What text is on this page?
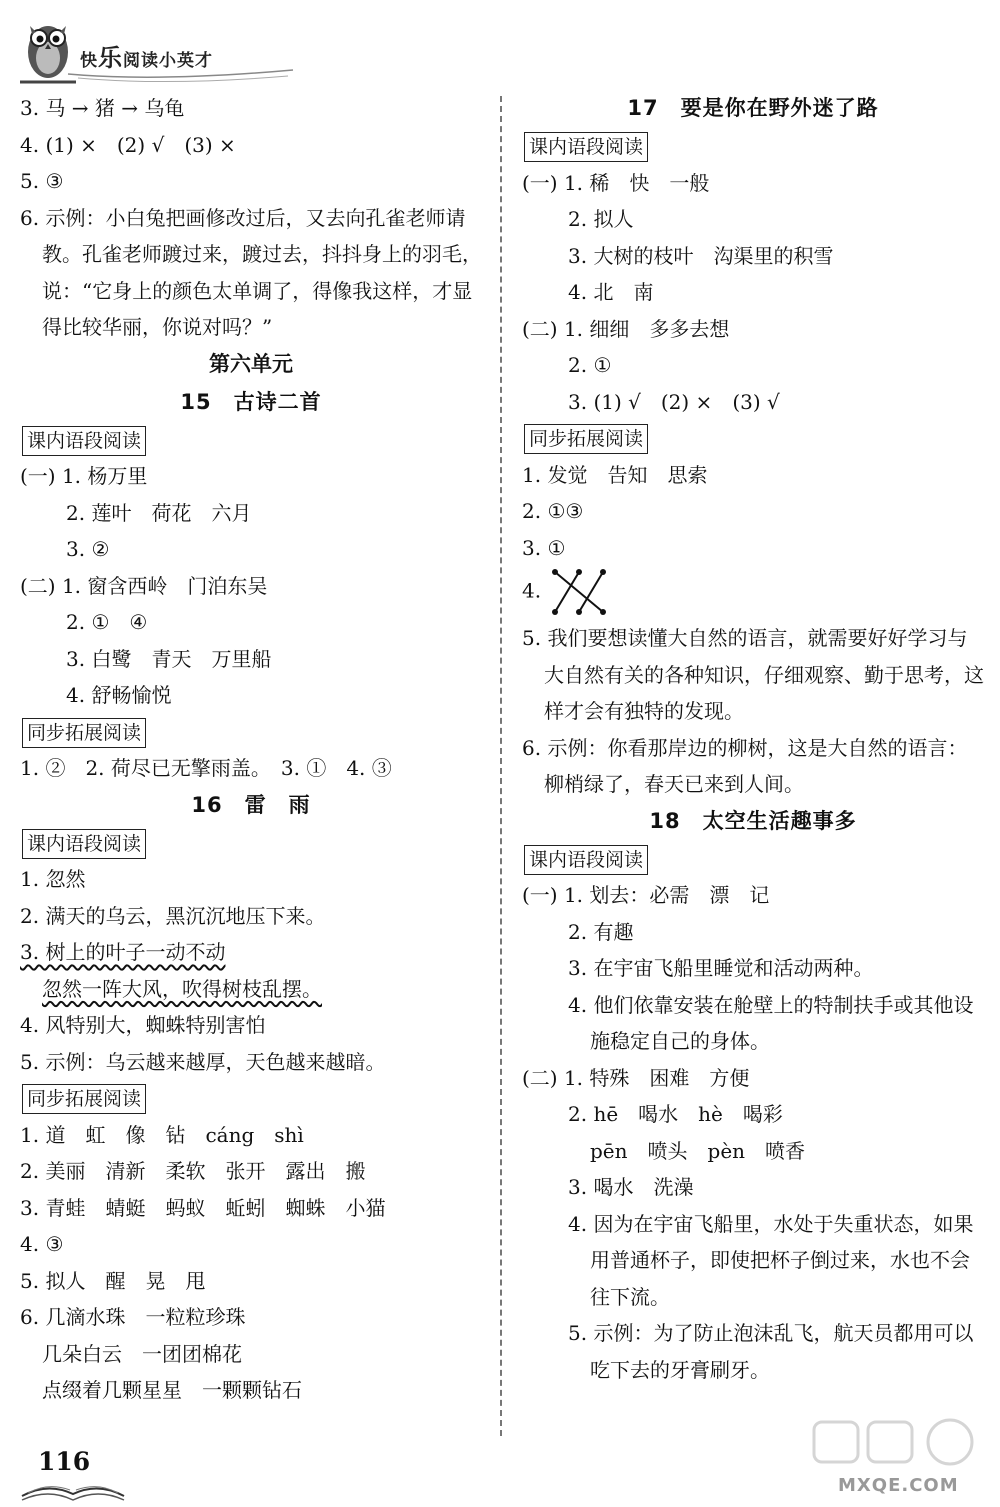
快乐阅读小英才
3. 马 → 猪 → 乌龟
4. (1) ×　(2) √　(3) ×
5. ③
6. 示例：小白兔把画修改过后，又去向孔雀老师请教。孔雀老师踱过来，踱过去，抖抖身上的羽毛，说：“它身上的颜色太单调了，得像我这样，才显得比较华丽，你说对吗？”
第六单元
15　古诗二首
课内语段阅读
(一) 1. 杨万里
2. 莲叶　荷花　六月
3. ②
(二) 1. 窗含西岭　门泊东吴
2. ①　④
3. 白鹭　青天　万里船
4. 舒畅愉悦
同步拓展阅读
1. ②　2. 荷尽已无擎雨盖。　3. ①　4. ③
16　雷　雨
课内语段阅读
1. 忽然
2. 满天的乌云，黑沉沉地压下来。
3. 树上的叶子一动不动
忽然一阵大风，吹得树枝乱摆。
4. 风特别大，蜘蛛特别害怕
5. 示例：乌云越来越厚，天色越来越暗。
同步拓展阅读
1. 道　虹　像　钻　cáng　shì
2. 美丽　清新　柔软　张开　露出　搬
3. 青蛙　蜻蜓　蚂蚁　蚯蚓　蜘蛛　小猫
4. ③
5. 拟人　醒　晃　甩
6. 几滴水珠　一粒粒珍珠
几朵白云　一团团棉花
点缀着几颗星星　一颗颗钻石
17　要是你在野外迷了路
课内语段阅读
(一) 1. 稀　快　一般
2. 拟人
3. 大树的枝叶　沟渠里的积雪
4. 北　南
(二) 1. 细细　多多去想
2. ①
3. (1) √　(2) ×　(3) √
同步拓展阅读
1. 发觉　告知　思索
2. ①③
3. ①
4.
5. 我们要想读懂大自然的语言，就需要好好学习与大自然有关的各种知识，仔细观察、勤于思考，这样才会有独特的发现。
6. 示例：你看那岸边的柳树，这是大自然的语言：柳梢绿了，春天已来到人间。
18　太空生活趣事多
课内语段阅读
(一) 1. 划去：必需　漂　记
2. 有趣
3. 在宇宙飞船里睡觉和活动两种。
4. 他们依靠安装在舱壁上的特制扶手或其他设施稳定自己的身体。
(二) 1. 特殊　困难　方便
2. hē　喝水　hè　喝彩
pēn　喷头　pèn　喷香
3. 喝水　洗澡
4. 因为在宇宙飞船里，水处于失重状态，如果用普通杯子，即使把杯子倒过来，水也不会往下流。
5. 示例：为了防止泡沫乱飞，航天员都用可以吃下去的牙膏刷牙。
116
MXQE.COM
